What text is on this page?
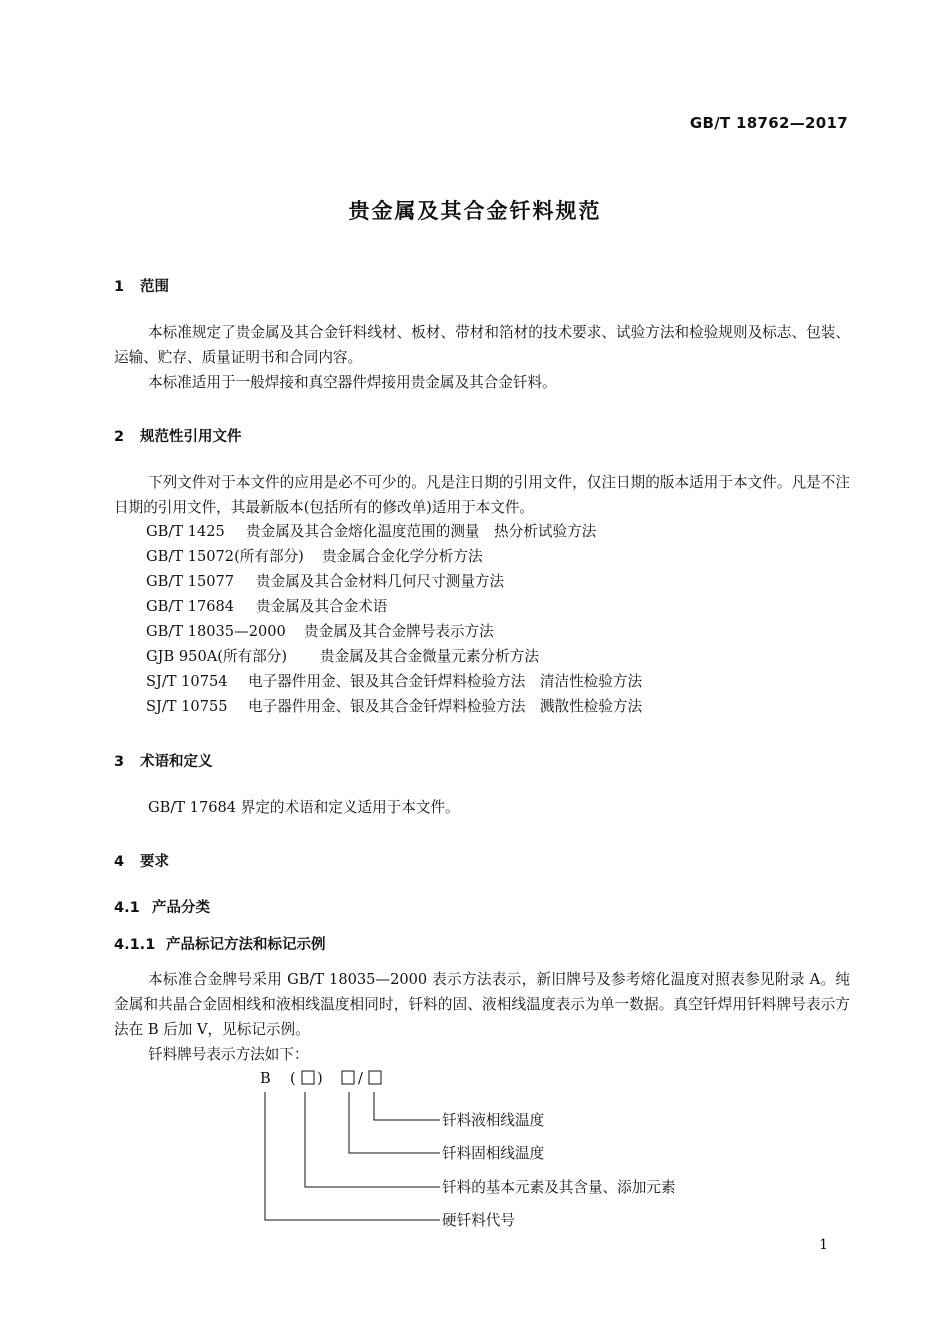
GB/T 18762—2017
贵金属及其合金钎料规范
1 范围
本标准规定了贵金属及其合金钎料线材、板材、带材和箔材的技术要求、试验方法和检验规则及标志、包装、运输、贮存、质量证明书和合同内容。
本标准适用于一般焊接和真空器件焊接用贵金属及其合金钎料。
2 规范性引用文件
下列文件对于本文件的应用是必不可少的。凡是注日期的引用文件，仅注日期的版本适用于本文件。凡是不注日期的引用文件，其最新版本(包括所有的修改单)适用于本文件。
GB/T 1425 贵金属及其合金熔化温度范围的测量　热分析试验方法
GB/T 15072(所有部分) 贵金属合金化学分析方法
GB/T 15077 贵金属及其合金材料几何尺寸测量方法
GB/T 17684 贵金属及其合金术语
GB/T 18035—2000 贵金属及其合金牌号表示方法
GJB 950A(所有部分) 贵金属及其合金微量元素分析方法
SJ/T 10754 电子器件用金、银及其合金钎焊料检验方法　清洁性检验方法
SJ/T 10755 电子器件用金、银及其合金钎焊料检验方法　溅散性检验方法
3 术语和定义
GB/T 17684 界定的术语和定义适用于本文件。
4 要求
4.1 产品分类
4.1.1 产品标记方法和标记示例
本标准合金牌号采用 GB/T 18035—2000 表示方法表示，新旧牌号及参考熔化温度对照表参见附录 A。纯金属和共晶合金固相线和液相线温度相同时，钎料的固、液相线温度表示为单一数据。真空钎焊用钎料牌号表示方法在 B 后加 V，见标记示例。
钎料牌号表示方法如下：
B ( ) /
钎料液相线温度
钎料固相线温度
钎料的基本元素及其含量、添加元素
硬钎料代号
1
